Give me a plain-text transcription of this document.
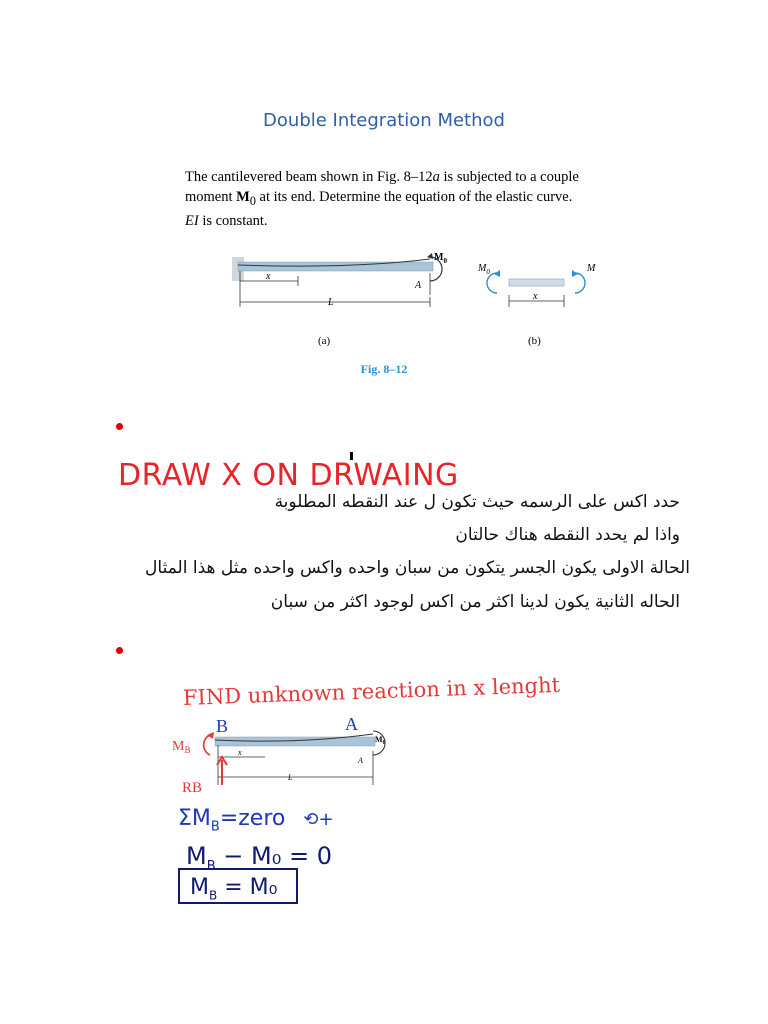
Double Integration Method
The cantilevered beam shown in Fig. 8–12a is subjected to a couple
moment $M_0$ at its end. Determine the equation of the elastic curve.
EI is constant.
x
L
A
$M_0$
$M_0$	M
x
(a)	(b)
Fig. 8–12
DRAW X ON DRWAING
حدد اكس على الرسمه حيث تكون ل عند النقطه المطلوبة
واذا لم يحدد النقطه هناك حالتان
الحالة الاولى يكون الجسر يتكون من سبان واحده واكس واحده مثل هذا المثال
الحاله الثانية يكون لدينا اكثر من اكس لوجود اكثر من سبان
FIND unknown reaction in x lenght
B	A
$M_B$
$M_0$
A
x
L
RB
$\Sigma M_B=zero$ ⟲+
$M_B - M_0 = 0$
$M_B = M_0$
